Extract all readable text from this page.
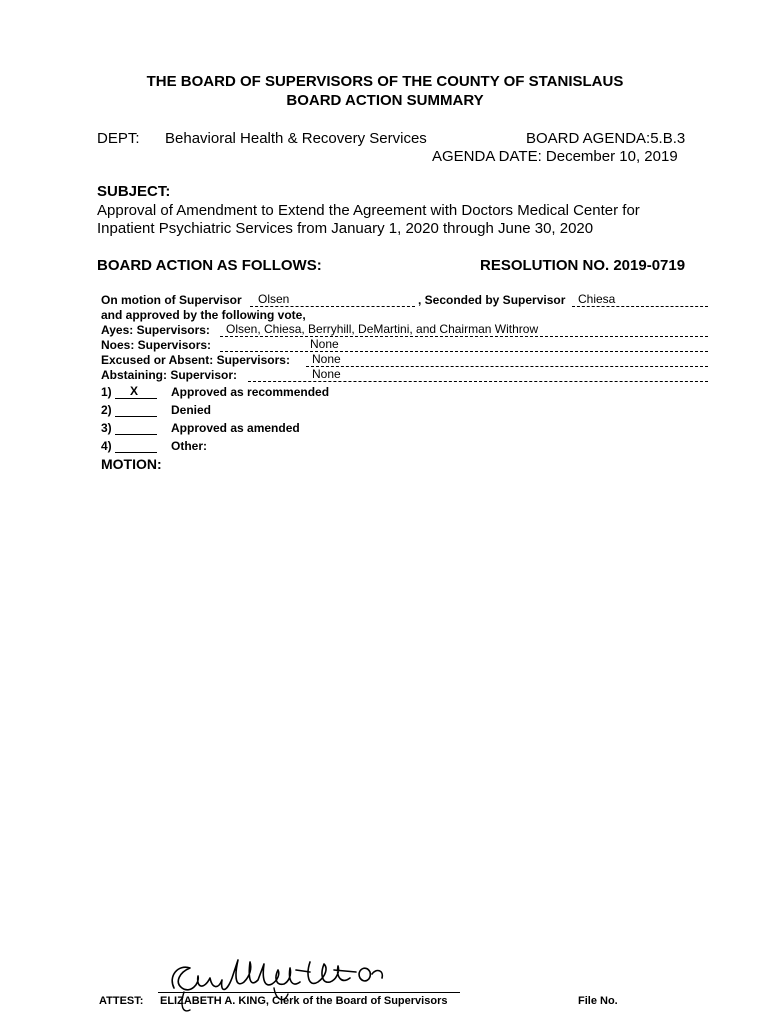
THE BOARD OF SUPERVISORS OF THE COUNTY OF STANISLAUS
BOARD ACTION SUMMARY
DEPT: Behavioral Health & Recovery Services	BOARD AGENDA:5.B.3
AGENDA DATE: December 10, 2019
SUBJECT:
Approval of Amendment to Extend the Agreement with Doctors Medical Center for
Inpatient Psychiatric Services from January 1, 2020 through June 30, 2020
BOARD ACTION AS FOLLOWS:	RESOLUTION NO. 2019-0719
On motion of Supervisor Olsen	, Seconded by Supervisor Chiesa
and approved by the following vote,
Ayes: Supervisors: Olsen, Chiesa, Berryhill, DeMartini, and Chairman Withrow
Noes: Supervisors:	None
Excused or Absent: Supervisors: None
Abstaining: Supervisor:	None
1) X	Approved as recommended
2)	Denied
3)	Approved as amended
4)	Other:
MOTION:
ATTEST: ELIZABETH A. KING, Clerk of the Board of Supervisors	File No.
